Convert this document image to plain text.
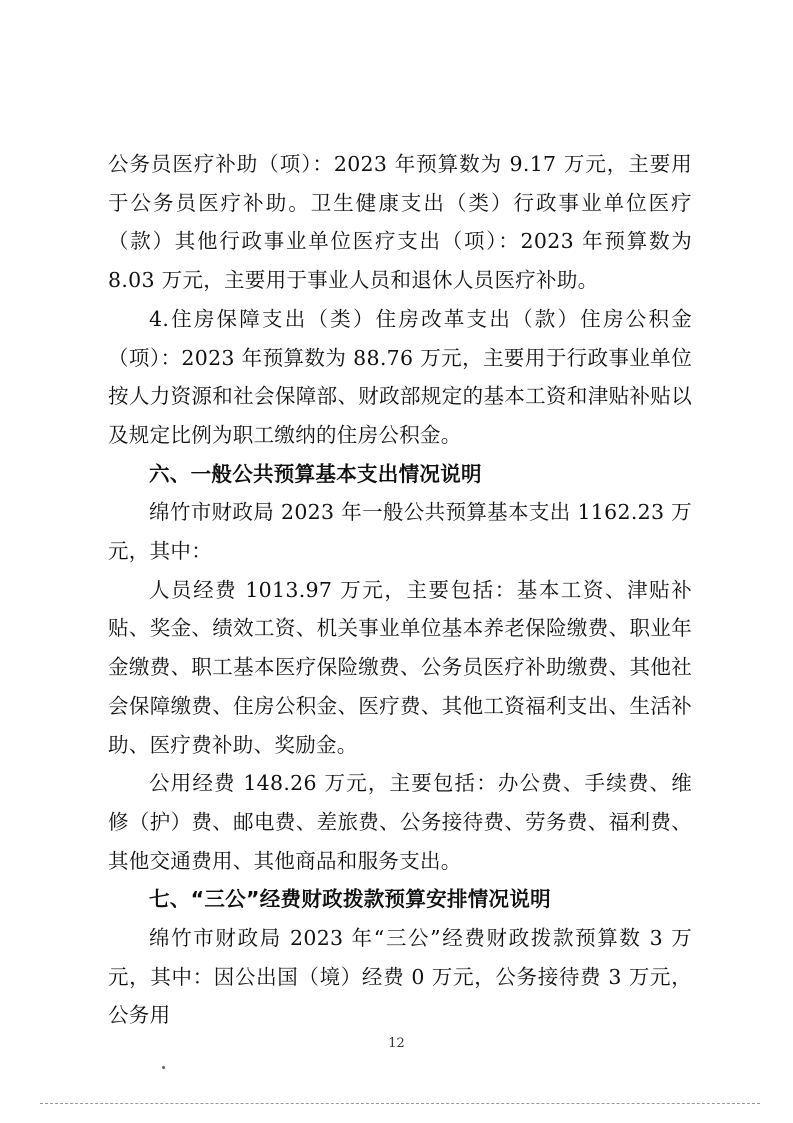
公务员医疗补助（项）：2023 年预算数为 9.17 万元，主要用于公务员医疗补助。卫生健康支出（类）行政事业单位医疗（款）其他行政事业单位医疗支出（项）：2023 年预算数为 8.03 万元，主要用于事业人员和退休人员医疗补助。

4.住房保障支出（类）住房改革支出（款）住房公积金（项）：2023 年预算数为 88.76 万元，主要用于行政事业单位按人力资源和社会保障部、财政部规定的基本工资和津贴补贴以及规定比例为职工缴纳的住房公积金。

六、一般公共预算基本支出情况说明

绵竹市财政局 2023 年一般公共预算基本支出 1162.23 万元，其中：

人员经费 1013.97 万元，主要包括：基本工资、津贴补贴、奖金、绩效工资、机关事业单位基本养老保险缴费、职业年金缴费、职工基本医疗保险缴费、公务员医疗补助缴费、其他社会保障缴费、住房公积金、医疗费、其他工资福利支出、生活补助、医疗费补助、奖励金。

公用经费 148.26 万元，主要包括：办公费、手续费、维修（护）费、邮电费、差旅费、公务接待费、劳务费、福利费、其他交通费用、其他商品和服务支出。

七、“三公”经费财政拨款预算安排情况说明

绵竹市财政局 2023 年“三公”经费财政拨款预算数 3 万元，其中：因公出国（境）经费 0 万元，公务接待费 3 万元，公务用

12
